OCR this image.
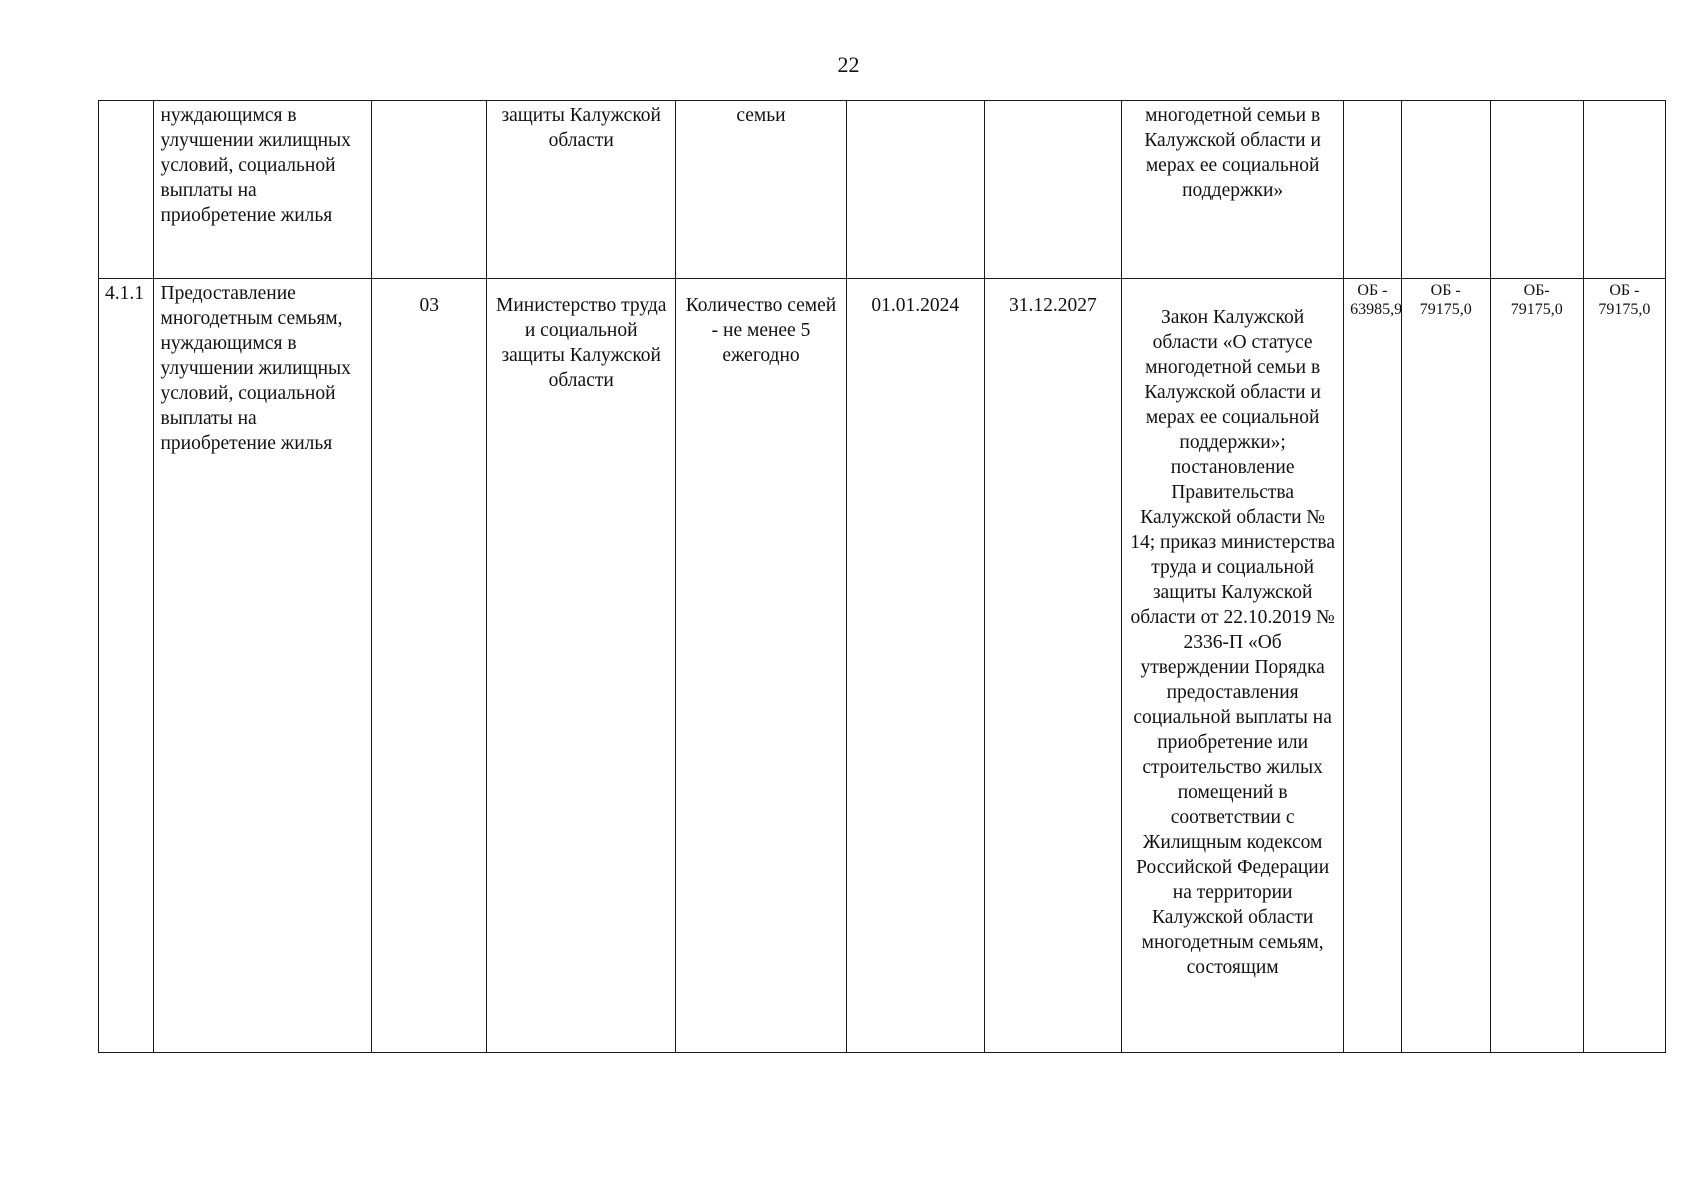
22
	нуждающимся в улучшении жилищных условий, социальной выплаты на приобретение жилья		защиты Калужской области	семьи			многодетной семьи в Калужской области и мерах ее социальной поддержки»				
4.1.1	Предоставление многодетным семьям, нуждающимся в улучшении жилищных условий, социальной выплаты на приобретение жилья	03	Министерство труда и социальной защиты Калужской области	Количество семей - не менее 5 ежегодно	01.01.2024	31.12.2027	Закон Калужской области «О статусе многодетной семьи в Калужской области и мерах ее социальной поддержки»; постановление Правительства Калужской области № 14; приказ министерства труда и социальной защиты Калужской области от 22.10.2019 № 2336-П «Об утверждении Порядка предоставления социальной выплаты на приобретение или строительство жилых помещений в соответствии с Жилищным кодексом Российской Федерации на территории Калужской области многодетным семьям, состоящим	ОБ - 63985,9	ОБ - 79175,0	ОБ- 79175,0	ОБ - 79175,0
